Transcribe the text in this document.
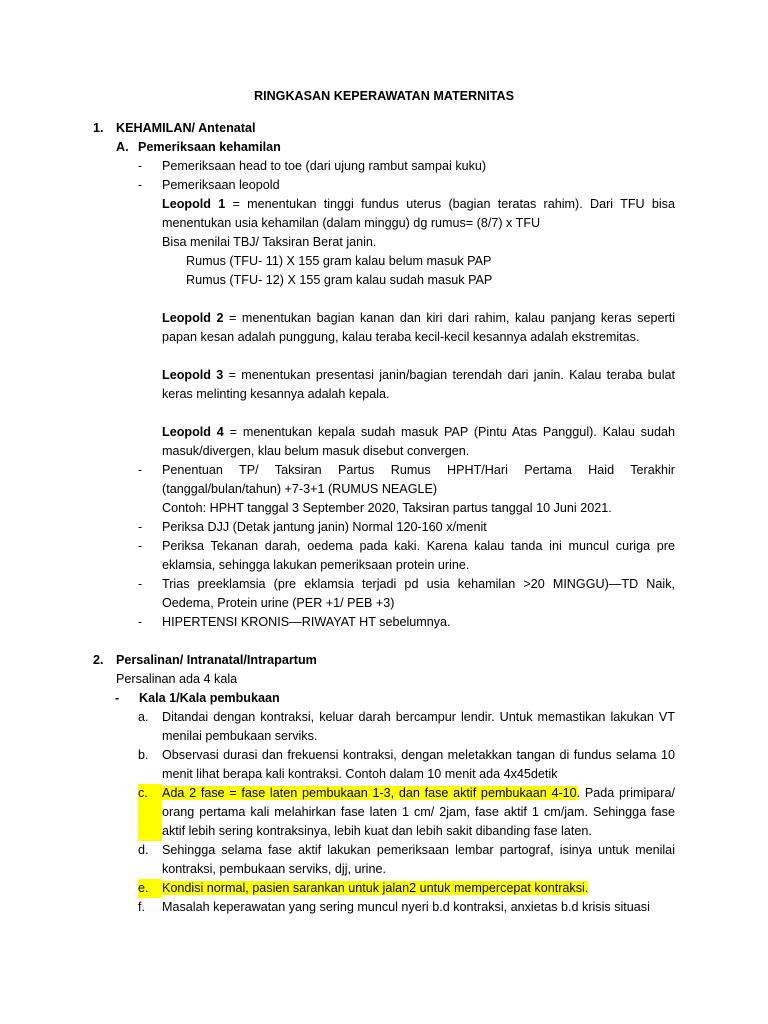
RINGKASAN KEPERAWATAN MATERNITAS
1. KEHAMILAN/ Antenatal
A. Pemeriksaan kehamilan
-	Pemeriksaan head to toe (dari ujung rambut sampai kuku)
-	Pemeriksaan leopold
Leopold 1 = menentukan tinggi fundus uterus (bagian teratas rahim). Dari TFU bisa menentukan usia kehamilan (dalam minggu) dg rumus= (8/7) x TFU
Bisa menilai TBJ/ Taksiran Berat janin.
Rumus (TFU- 11) X 155 gram kalau belum masuk PAP
Rumus (TFU- 12) X 155 gram kalau sudah masuk PAP
Leopold 2 = menentukan bagian kanan dan kiri dari rahim, kalau panjang keras seperti papan kesan adalah punggung, kalau teraba kecil-kecil kesannya adalah ekstremitas.
Leopold 3 = menentukan presentasi janin/bagian terendah dari janin. Kalau teraba bulat keras melinting kesannya adalah kepala.
Leopold 4 = menentukan kepala sudah masuk PAP (Pintu Atas Panggul). Kalau sudah masuk/divergen, klau belum masuk disebut convergen.
-	Penentuan TP/ Taksiran Partus Rumus HPHT/Hari Pertama Haid Terakhir (tanggal/bulan/tahun) +7-3+1 (RUMUS NEAGLE)
Contoh: HPHT tanggal 3 September 2020, Taksiran partus tanggal 10 Juni 2021.
-	Periksa DJJ (Detak jantung janin) Normal 120-160 x/menit
-	Periksa Tekanan darah, oedema pada kaki. Karena kalau tanda ini muncul curiga pre eklamsia, sehingga lakukan pemeriksaan protein urine.
-	Trias preeklamsia (pre eklamsia terjadi pd usia kehamilan >20 MINGGU)—TD Naik, Oedema, Protein urine (PER +1/ PEB +3)
-	HIPERTENSI KRONIS—RIWAYAT HT sebelumnya.
2. Persalinan/ Intranatal/Intrapartum
Persalinan ada 4 kala
-	Kala 1/Kala pembukaan
a.	Ditandai dengan kontraksi, keluar darah bercampur lendir. Untuk memastikan lakukan VT menilai pembukaan serviks.
b.	Observasi durasi dan frekuensi kontraksi, dengan meletakkan tangan di fundus selama 10 menit lihat berapa kali kontraksi. Contoh dalam 10 menit ada 4x45detik
c.	Ada 2 fase = fase laten pembukaan 1-3, dan fase aktif pembukaan 4-10. Pada primipara/ orang pertama kali melahirkan fase laten 1 cm/ 2jam, fase aktif 1 cm/jam. Sehingga fase aktif lebih sering kontraksinya, lebih kuat dan lebih sakit dibanding fase laten.
d.	Sehingga selama fase aktif lakukan pemeriksaan lembar partograf, isinya untuk menilai kontraksi, pembukaan serviks, djj, urine.
e.	Kondisi normal, pasien sarankan untuk jalan2 untuk mempercepat kontraksi.
f.	Masalah keperawatan yang sering muncul nyeri b.d kontraksi, anxietas b.d krisis situasi
